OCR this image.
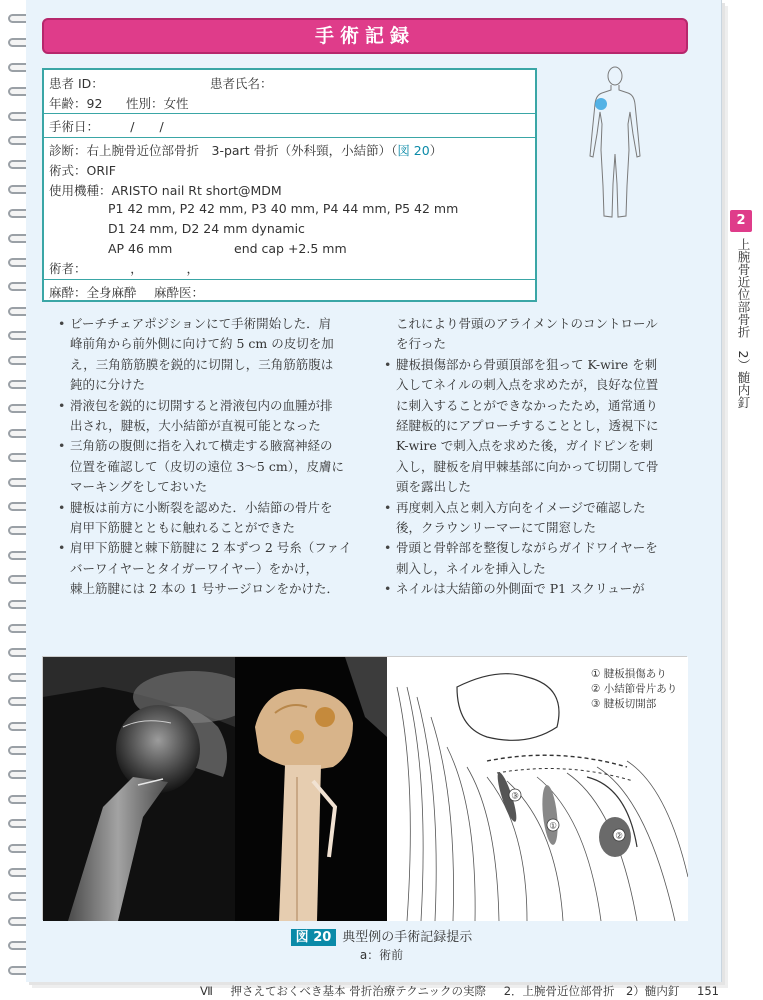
手術記録
患者 ID：	患者氏名：
年齢：92 性別：女性
手術日：　　　/　　/
診断：右上腕骨近位部骨折　3-part 骨折（外科頸，小結節）（図 20）
術式：ORIF
使用機種：ARISTO nail Rt short@MDM
P1 42 mm, P2 42 mm, P3 40 mm, P4 44 mm, P5 42 mm
D1 24 mm, D2 24 mm dynamic
AP 46 mm	end cap +2.5 mm
術者：　　　　，　　　　，
麻酔：全身麻酔 麻酔医：
2
上腕骨近位部骨折　2）髄内釘
• ビーチチェアポジションにて手術開始した．肩
峰前角から前外側に向けて約 5 cm の皮切を加
え，三角筋筋膜を鋭的に切開し，三角筋筋腹は
鈍的に分けた
• 滑液包を鋭的に切開すると滑液包内の血腫が排
出され，腱板，大小結節が直視可能となった
• 三角筋の腹側に指を入れて横走する腋窩神経の
位置を確認して（皮切の遠位 3～5 cm），皮膚に
マーキングをしておいた
• 腱板は前方に小断裂を認めた．小結節の骨片を
肩甲下筋腱とともに触れることができた
• 肩甲下筋腱と棘下筋腱に 2 本ずつ 2 号糸（ファイ
バーワイヤーとタイガーワイヤー）をかけ，
棘上筋腱には 2 本の 1 号サージロンをかけた．
これにより骨頭のアライメントのコントロール
を行った
• 腱板損傷部から骨頭頂部を狙って K-wire を刺
入してネイルの刺入点を求めたが，良好な位置
に刺入することができなかったため，通常通り
経腱板的にアプローチすることとし，透視下に
K-wire で刺入点を求めた後，ガイドピンを刺
入し，腱板を肩甲棘基部に向かって切開して骨
頭を露出した
• 再度刺入点と刺入方向をイメージで確認した
後，クラウンリーマーにて開窓した
• 骨頭と骨幹部を整復しながらガイドワイヤーを
刺入し，ネイルを挿入した
• ネイルは大結節の外側面で P1 スクリューが
③
①
②
① 腱板損傷あり
② 小結節骨片あり
③ 腱板切開部
図 20 典型例の手術記録提示
a：術前
Ⅶ 押さえておくべき基本 骨折治療テクニックの実際 2．上腕骨近位部骨折　2）髄内釘 151
